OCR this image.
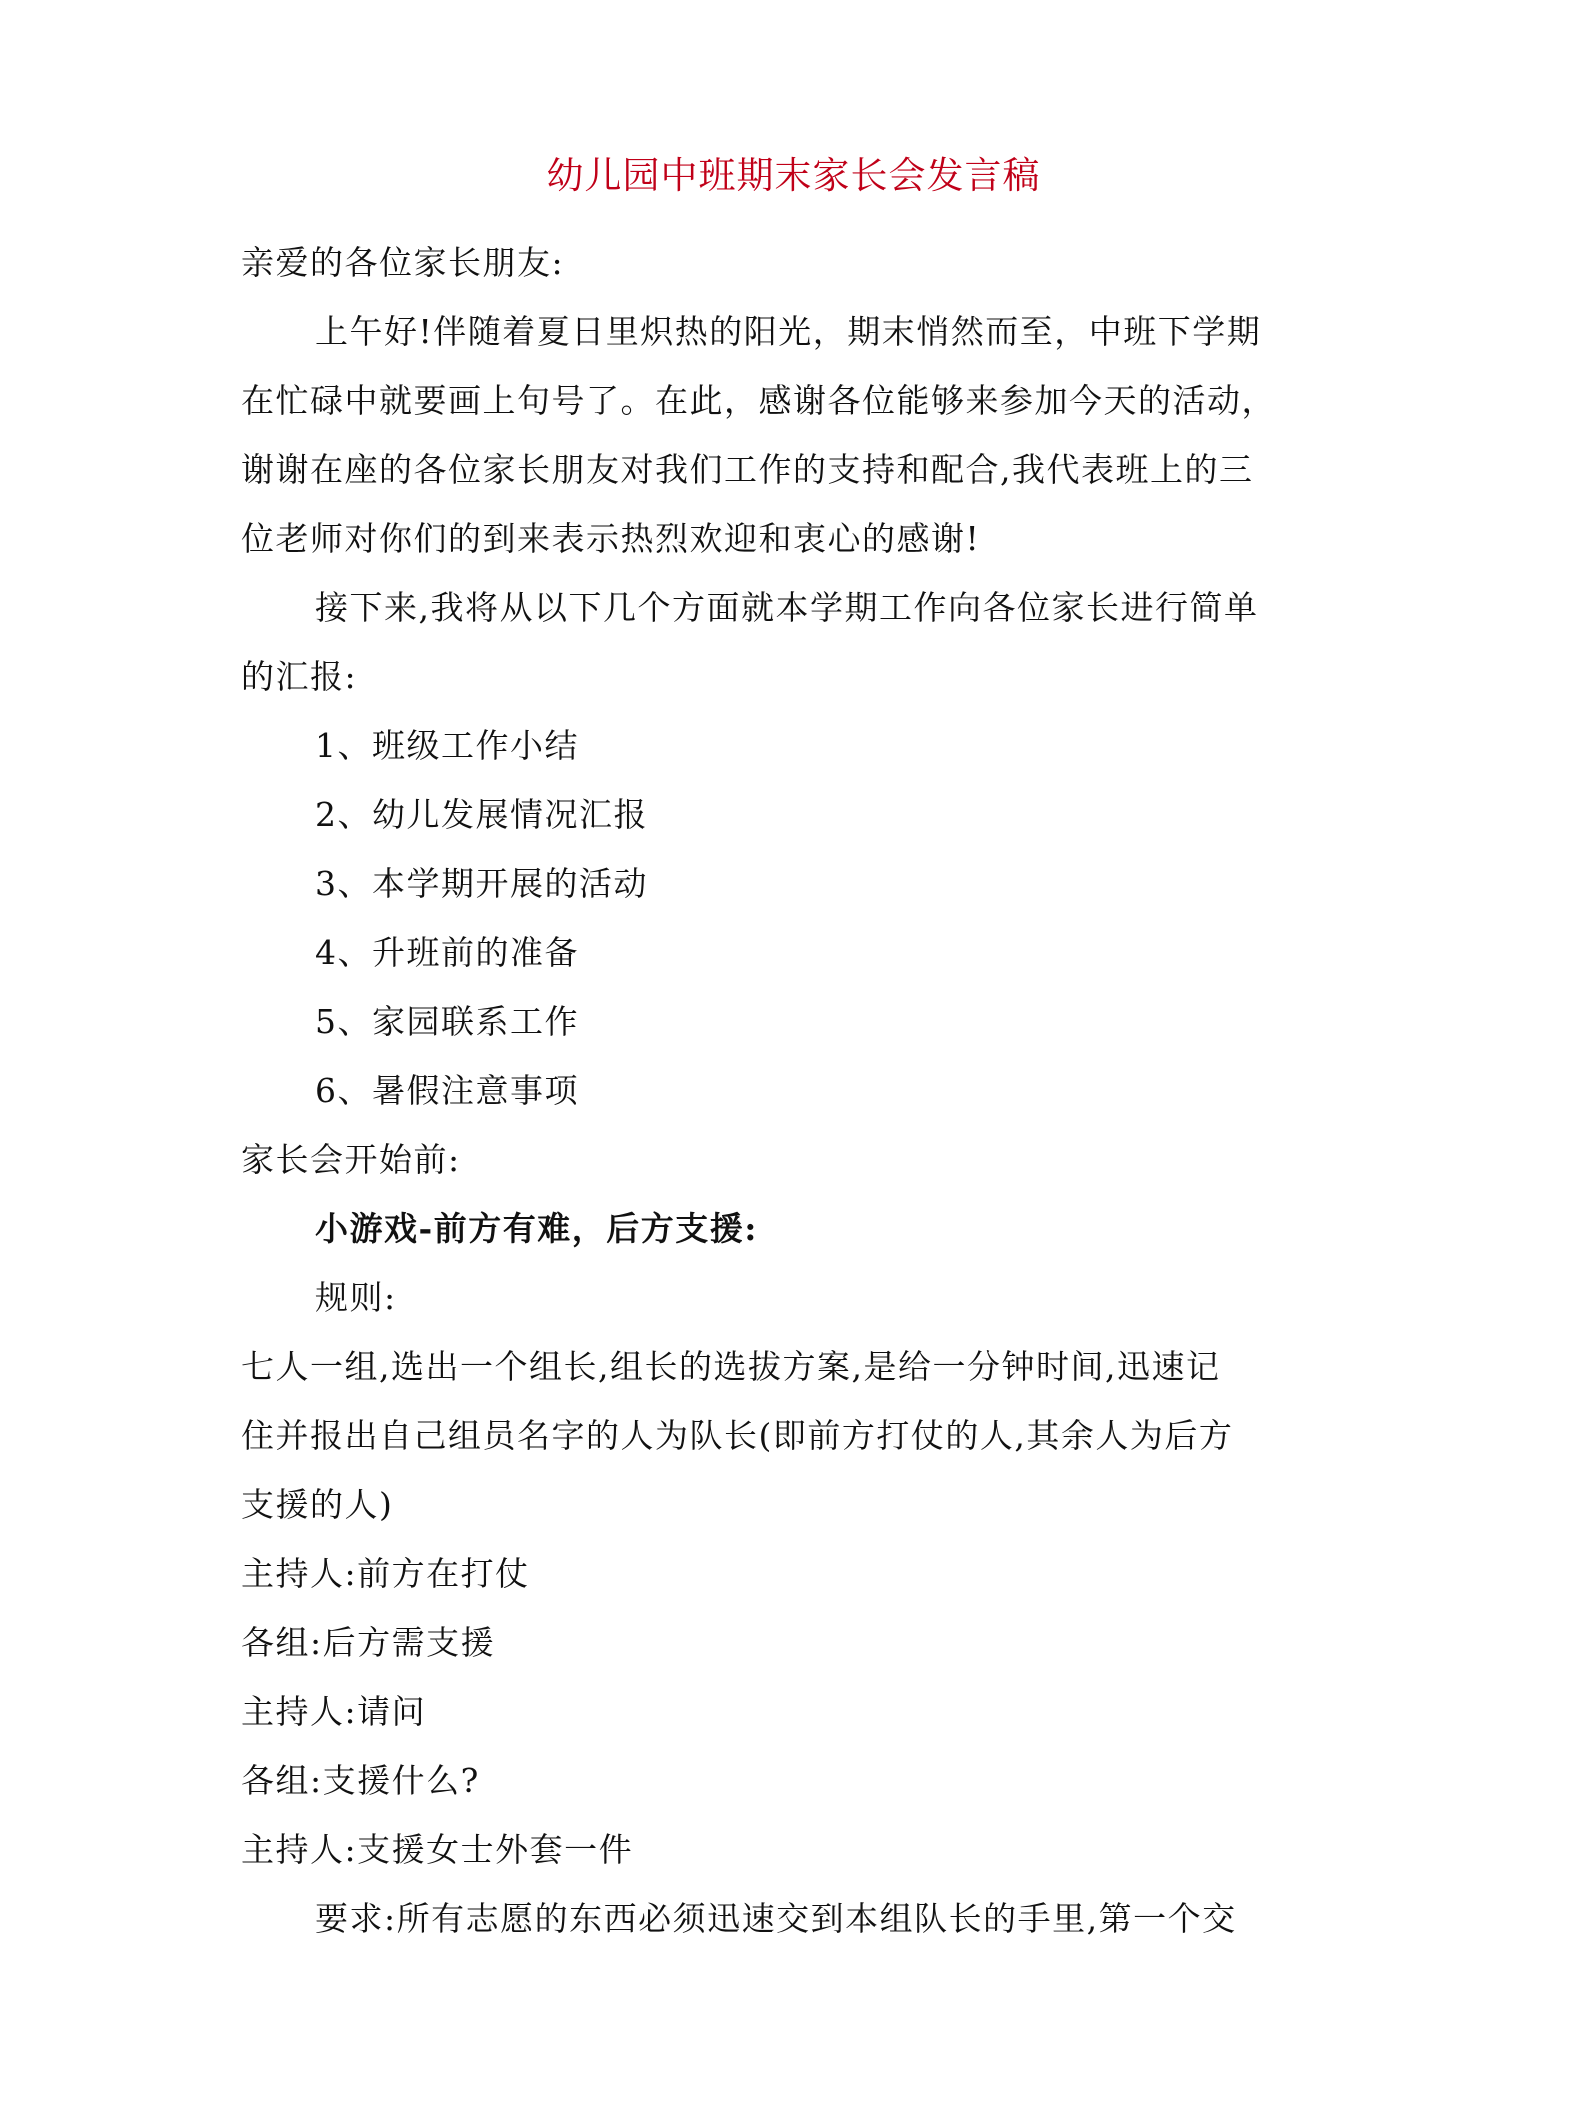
幼儿园中班期末家长会发言稿
亲爱的各位家长朋友:
上午好!伴随着夏日里炽热的阳光，期末悄然而至，中班下学期
在忙碌中就要画上句号了。在此，感谢各位能够来参加今天的活动，
谢谢在座的各位家长朋友对我们工作的支持和配合,我代表班上的三
位老师对你们的到来表示热烈欢迎和衷心的感谢!
接下来,我将从以下几个方面就本学期工作向各位家长进行简单
的汇报:
1、班级工作小结
2、幼儿发展情况汇报
3、本学期开展的活动
4、升班前的准备
5、家园联系工作
6、暑假注意事项
家长会开始前:
小游戏-前方有难，后方支援:
规则:
七人一组,选出一个组长,组长的选拔方案,是给一分钟时间,迅速记
住并报出自己组员名字的人为队长(即前方打仗的人,其余人为后方
支援的人)
主持人:前方在打仗
各组:后方需支援
主持人:请问
各组:支援什么?
主持人:支援女士外套一件
要求:所有志愿的东西必须迅速交到本组队长的手里,第一个交
